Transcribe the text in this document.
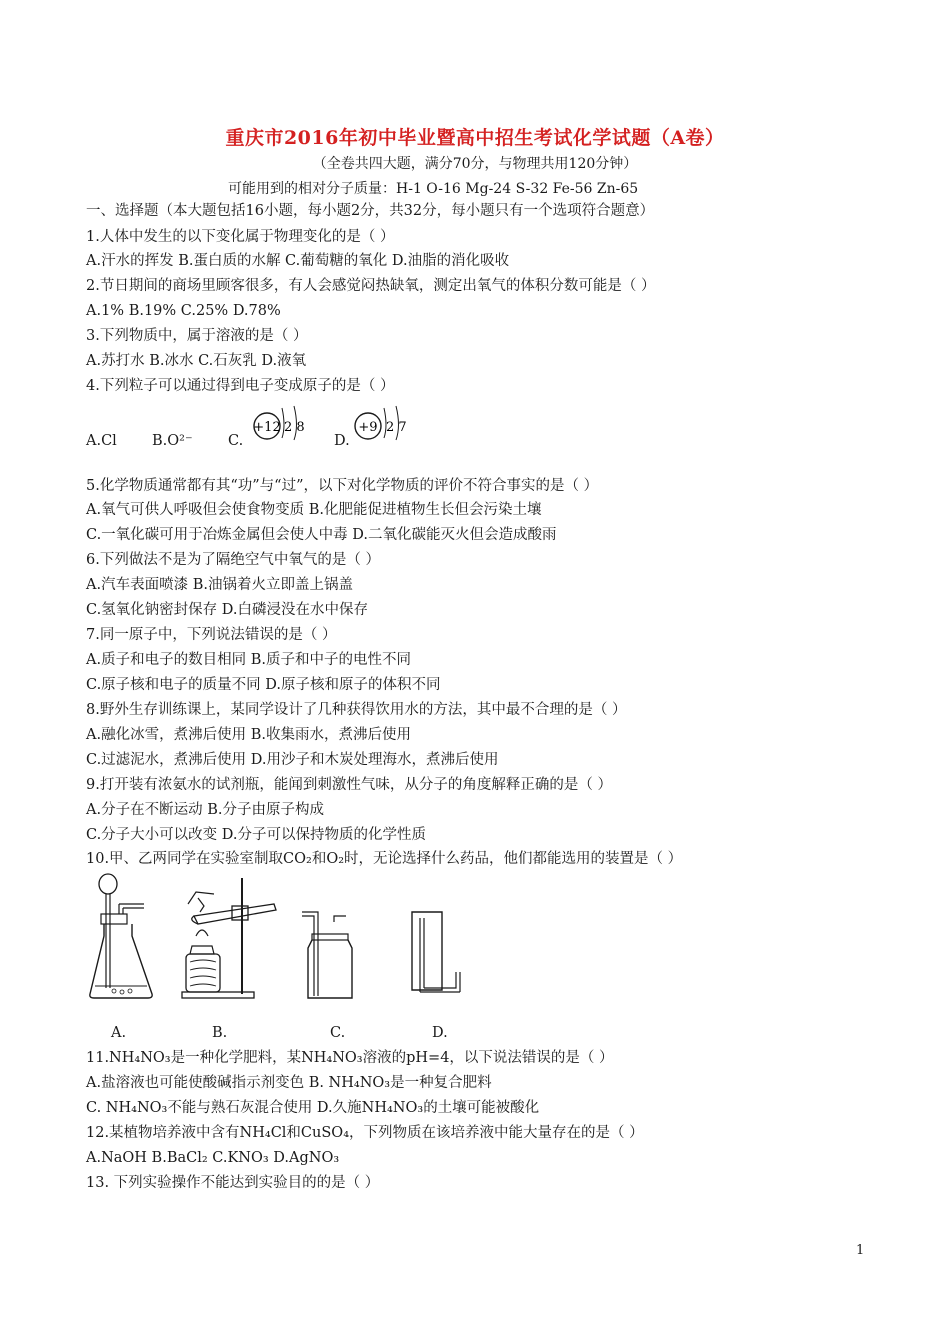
重庆市2016年初中毕业暨高中招生考试化学试题（A卷）
（全卷共四大题，满分70分，与物理共用120分钟）
可能用到的相对分子质量：H-1 O-16 Mg-24 S-32 Fe-56 Zn-65
一、选择题（本大题包括16小题，每小题2分，共32分，每小题只有一个选项符合题意）
1.人体中发生的以下变化属于物理变化的是（ ）
A.汗水的挥发 B.蛋白质的水解 C.葡萄糖的氧化 D.油脂的消化吸收
2.节日期间的商场里顾客很多，有人会感觉闷热缺氧，测定出氧气的体积分数可能是（ ）
A.1% B.19% C.25% D.78%
3.下列物质中，属于溶液的是（ ）
A.苏打水 B.冰水 C.石灰乳 D.液氧
4.下列粒子可以通过得到电子变成原子的是（ ）
A.Cl B.O²⁻ C.	D.
+12 2 8	+9 2 7
5.化学物质通常都有其“功”与“过”，以下对化学物质的评价不符合事实的是（ ）
A.氧气可供人呼吸但会使食物变质 B.化肥能促进植物生长但会污染土壤
C.一氧化碳可用于冶炼金属但会使人中毒 D.二氧化碳能灭火但会造成酸雨
6.下列做法不是为了隔绝空气中氧气的是（ ）
A.汽车表面喷漆 B.油锅着火立即盖上锅盖
C.氢氧化钠密封保存 D.白磷浸没在水中保存
7.同一原子中，下列说法错误的是（ ）
A.质子和电子的数目相同 B.质子和中子的电性不同
C.原子核和电子的质量不同 D.原子核和原子的体积不同
8.野外生存训练课上，某同学设计了几种获得饮用水的方法，其中最不合理的是（ ）
A.融化冰雪，煮沸后使用 B.收集雨水，煮沸后使用
C.过滤泥水，煮沸后使用 D.用沙子和木炭处理海水，煮沸后使用
9.打开装有浓氨水的试剂瓶，能闻到刺激性气味，从分子的角度解释正确的是（ ）
A.分子在不断运动 B.分子由原子构成
C.分子大小可以改变 D.分子可以保持物质的化学性质
10.甲、乙两同学在实验室制取CO₂和O₂时，无论选择什么药品，他们都能选用的装置是（ ）
A.	B.	C.	D.
11.NH₄NO₃是一种化学肥料，某NH₄NO₃溶液的pH=4，以下说法错误的是（ ）
A.盐溶液也可能使酸碱指示剂变色 B. NH₄NO₃是一种复合肥料
C. NH₄NO₃不能与熟石灰混合使用 D.久施NH₄NO₃的土壤可能被酸化
12.某植物培养液中含有NH₄Cl和CuSO₄，下列物质在该培养液中能大量存在的是（ ）
A.NaOH B.BaCl₂ C.KNO₃ D.AgNO₃
13. 下列实验操作不能达到实验目的的是（ ）
1
